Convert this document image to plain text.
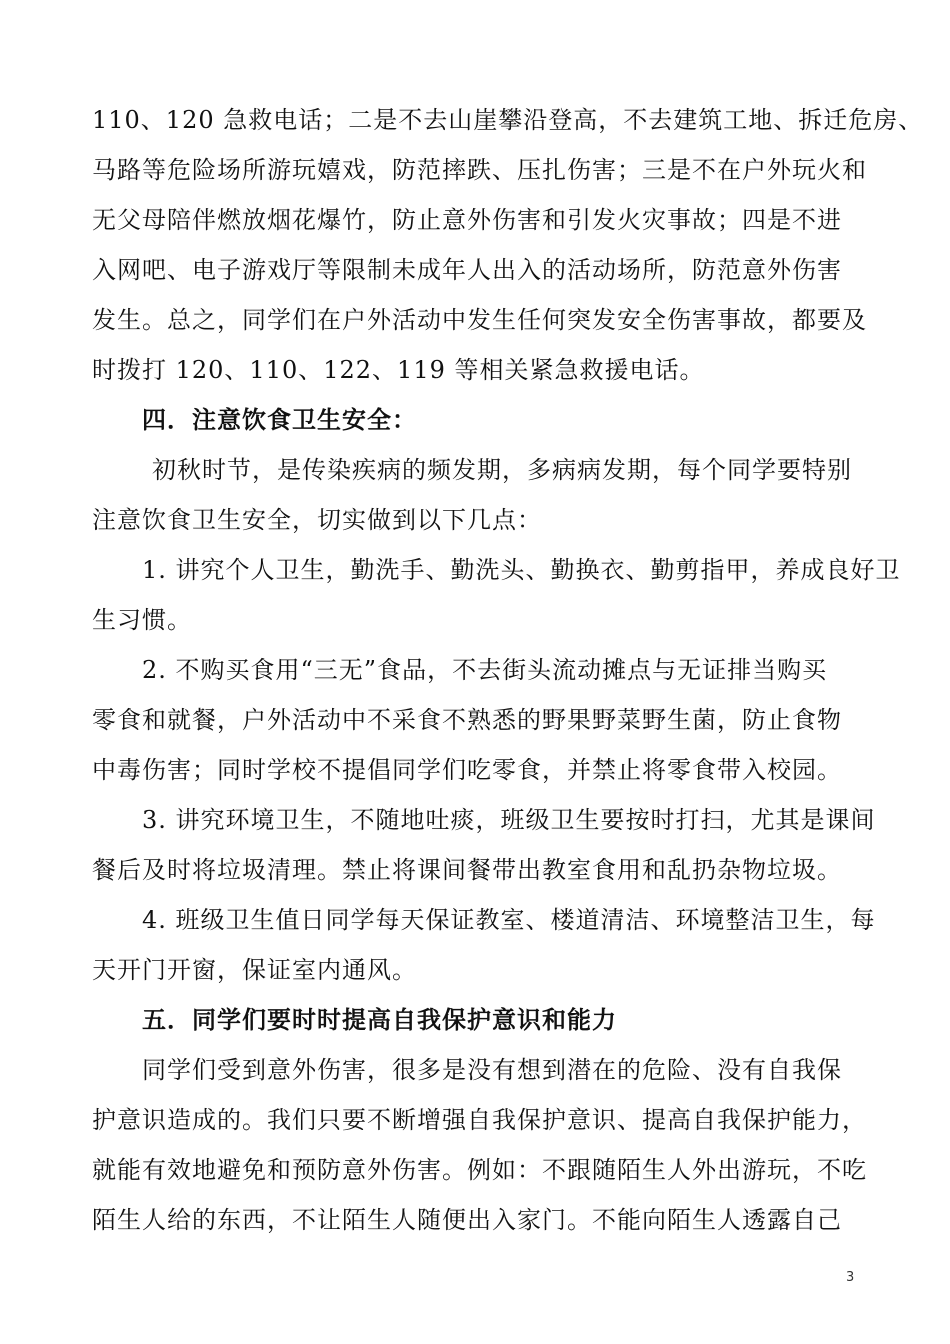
110、120 急救电话；二是不去山崖攀沿登高，不去建筑工地、拆迁危房、
马路等危险场所游玩嬉戏，防范摔跌、压扎伤害；三是不在户外玩火和
无父母陪伴燃放烟花爆竹，防止意外伤害和引发火灾事故；四是不进
入网吧、电子游戏厅等限制未成年人出入的活动场所，防范意外伤害
发生。总之，同学们在户外活动中发生任何突发安全伤害事故，都要及
时拨打 120、110、122、119 等相关紧急救援电话。
四．注意饮食卫生安全：
初秋时节，是传染疾病的频发期，多病病发期，每个同学要特别
注意饮食卫生安全，切实做到以下几点：
1. 讲究个人卫生，勤洗手、勤洗头、勤换衣、勤剪指甲，养成良好卫
生习惯。
2. 不购买食用“三无”食品，不去街头流动摊点与无证排当购买
零食和就餐，户外活动中不采食不熟悉的野果野菜野生菌，防止食物
中毒伤害；同时学校不提倡同学们吃零食，并禁止将零食带入校园。
3. 讲究环境卫生，不随地吐痰，班级卫生要按时打扫，尤其是课间
餐后及时将垃圾清理。禁止将课间餐带出教室食用和乱扔杂物垃圾。
4. 班级卫生值日同学每天保证教室、楼道清洁、环境整洁卫生，每
天开门开窗，保证室内通风。
五．同学们要时时提高自我保护意识和能力
同学们受到意外伤害，很多是没有想到潜在的危险、没有自我保
护意识造成的。我们只要不断增强自我保护意识、提高自我保护能力，
就能有效地避免和预防意外伤害。例如：不跟随陌生人外出游玩，不吃
陌生人给的东西，不让陌生人随便出入家门。不能向陌生人透露自己
3
